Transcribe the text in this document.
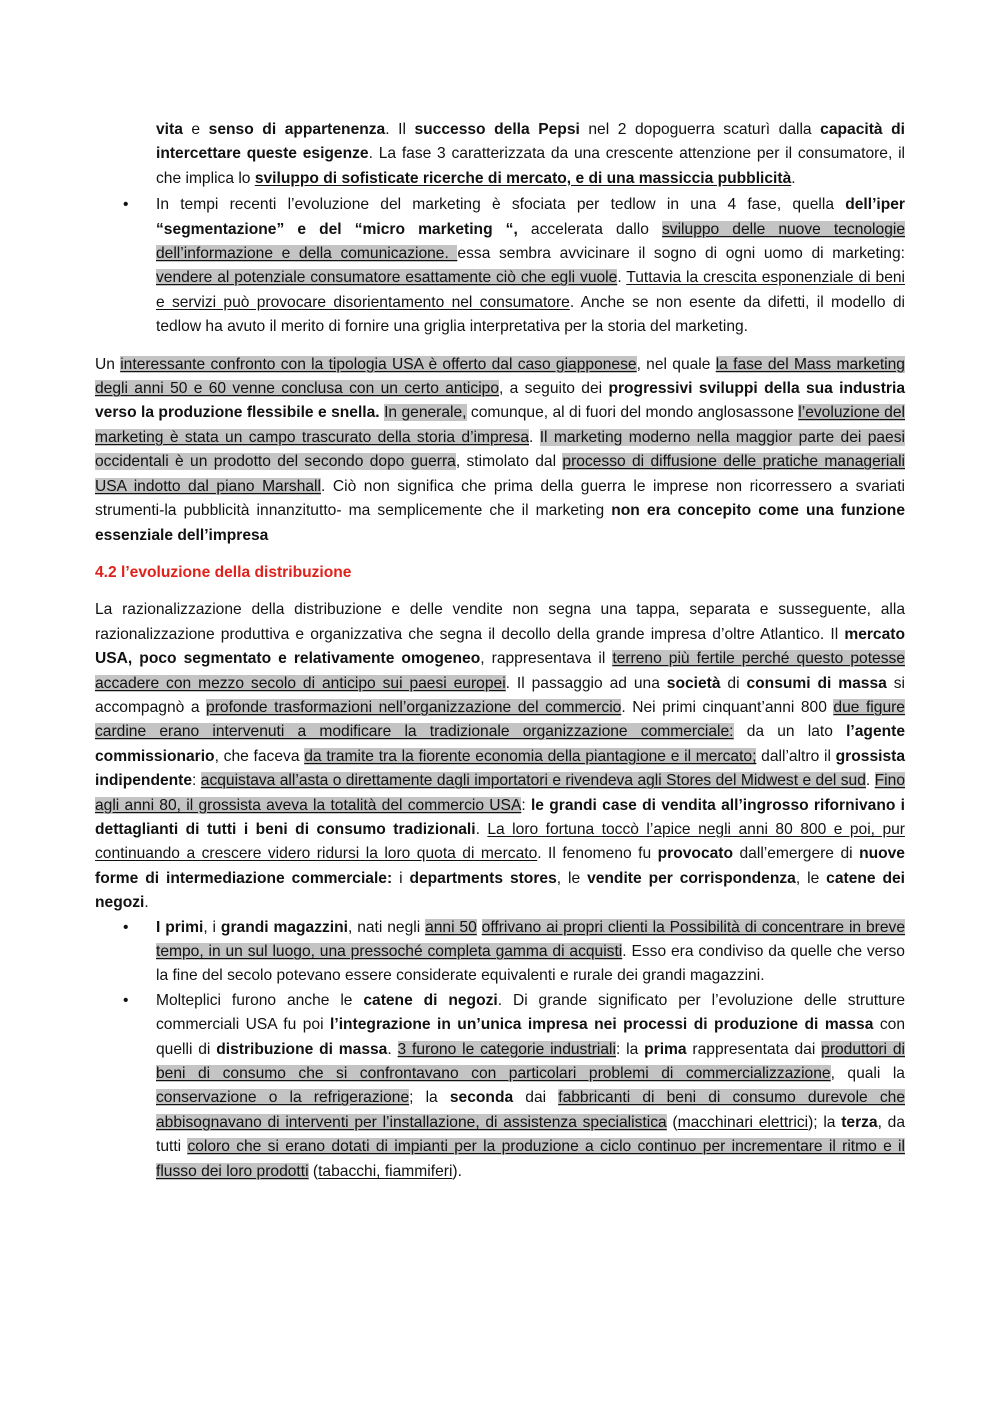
vita e senso di appartenenza. Il successo della Pepsi nel 2 dopoguerra scaturì dalla capacità di intercettare queste esigenze. La fase 3 caratterizzata da una crescente attenzione per il consumatore, il che implica lo sviluppo di sofisticate ricerche di mercato, e di una massiccia pubblicità.
• In tempi recenti l’evoluzione del marketing è sfociata per tedlow in una 4 fase, quella dell’iper “segmentazione” e del “micro marketing “, accelerata dallo sviluppo delle nuove tecnologie dell’informazione e della comunicazione. essa sembra avvicinare il sogno di ogni uomo di marketing: vendere al potenziale consumatore esattamente ciò che egli vuole. Tuttavia la crescita esponenziale di beni e servizi può provocare disorientamento nel consumatore. Anche se non esente da difetti, il modello di tedlow ha avuto il merito di fornire una griglia interpretativa per la storia del marketing.

Un interessante confronto con la tipologia USA è offerto dal caso giapponese, nel quale la fase del Mass marketing degli anni 50 e 60 venne conclusa con un certo anticipo, a seguito dei progressivi sviluppi della sua industria verso la produzione flessibile e snella. In generale, comunque, al di fuori del mondo anglosassone l’evoluzione del marketing è stata un campo trascurato della storia d’impresa. Il marketing moderno nella maggior parte dei paesi occidentali è un prodotto del secondo dopo guerra, stimolato dal processo di diffusione delle pratiche manageriali USA indotto dal piano Marshall. Ciò non significa che prima della guerra le imprese non ricorressero a svariati strumenti-la pubblicità innanzitutto- ma semplicemente che il marketing non era concepito come una funzione essenziale dell’impresa

4.2 l’evoluzione della distribuzione

La razionalizzazione della distribuzione e delle vendite non segna una tappa, separata e susseguente, alla razionalizzazione produttiva e organizzativa che segna il decollo della grande impresa d’oltre Atlantico. Il mercato USA, poco segmentato e relativamente omogeneo, rappresentava il terreno più fertile perché questo potesse accadere con mezzo secolo di anticipo sui paesi europei. Il passaggio ad una società di consumi di massa si accompagnò a profonde trasformazioni nell’organizzazione del commercio. Nei primi cinquant’anni 800 due figure cardine erano intervenuti a modificare la tradizionale organizzazione commerciale: da un lato l’agente commissionario, che faceva da tramite tra la fiorente economia della piantagione e il mercato; dall’altro il grossista indipendente: acquistava all’asta o direttamente dagli importatori e rivendeva agli Stores del Midwest e del sud. Fino agli anni 80, il grossista aveva la totalità del commercio USA: le grandi case di vendita all’ingrosso rifornivano i dettaglianti di tutti i beni di consumo tradizionali. La loro fortuna toccò l’apice negli anni 80 800 e poi, pur continuando a crescere videro ridursi la loro quota di mercato. Il fenomeno fu provocato dall’emergere di nuove forme di intermediazione commerciale: i departments stores, le vendite per corrispondenza, le catene dei negozi.

• I primi, i grandi magazzini, nati negli anni 50 offrivano ai propri clienti la Possibilità di concentrare in breve tempo, in un sul luogo, una pressoché completa gamma di acquisti. Esso era condiviso da quelle che verso la fine del secolo potevano essere considerate equivalenti e rurale dei grandi magazzini.
• Molteplici furono anche le catene di negozi. Di grande significato per l’evoluzione delle strutture commerciali USA fu poi l’integrazione in un’unica impresa nei processi di produzione di massa con quelli di distribuzione di massa. 3 furono le categorie industriali: la prima rappresentata dai produttori di beni di consumo che si confrontavano con particolari problemi di commercializzazione, quali la conservazione o la refrigerazione; la seconda dai fabbricanti di beni di consumo durevole che abbisognavano di interventi per l’installazione, di assistenza specialistica (macchinari elettrici); la terza, da tutti coloro che si erano dotati di impianti per la produzione a ciclo continuo per incrementare il ritmo e il flusso dei loro prodotti (tabacchi, fiammiferi).
